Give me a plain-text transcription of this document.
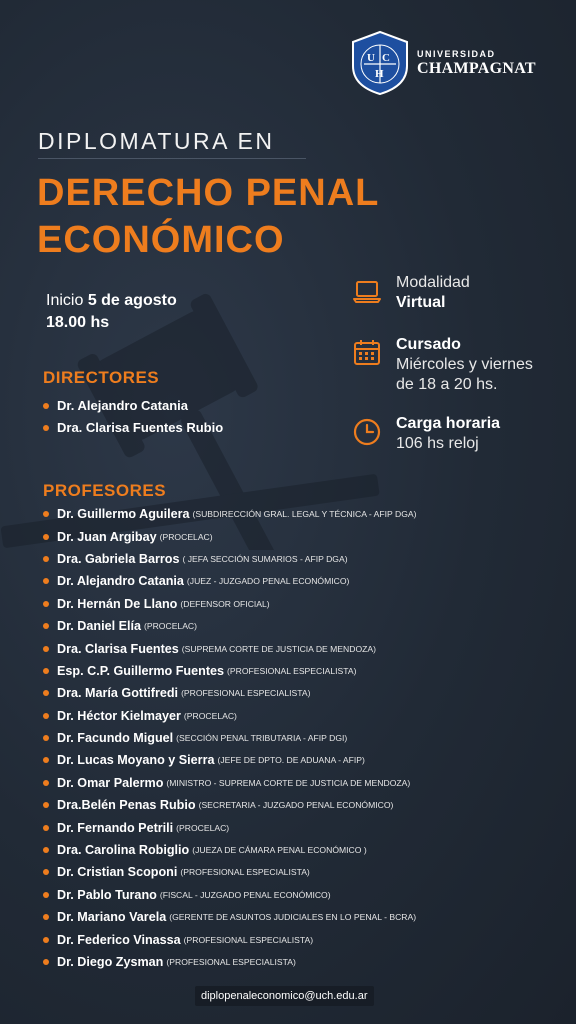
U C
H
UNIVERSIDAD
CHAMPAGNAT
DIPLOMATURA EN
DERECHO PENAL
ECONÓMICO
Inicio 5 de agosto
18.00 hs
Modalidad
Virtual
Cursado
Miércoles y viernes
de 18 a 20 hs.
Carga horaria
106 hs reloj
DIRECTORES
Dr. Alejandro Catania
Dra. Clarisa Fuentes Rubio
PROFESORES
Dr. Guillermo Aguilera (SUBDIRECCIÓN GRAL. LEGAL Y TÉCNICA - AFIP DGA)
Dr. Juan Argibay (PROCELAC)
Dra. Gabriela Barros ( JEFA SECCIÓN SUMARIOS - AFIP DGA)
Dr. Alejandro Catania (JUEZ - JUZGADO PENAL ECONÓMICO)
Dr. Hernán De Llano (DEFENSOR OFICIAL)
Dr. Daniel Elía (PROCELAC)
Dra. Clarisa Fuentes (SUPREMA CORTE DE JUSTICIA DE MENDOZA)
Esp. C.P. Guillermo Fuentes (PROFESIONAL ESPECIALISTA)
Dra. María Gottifredi (PROFESIONAL ESPECIALISTA)
Dr. Héctor Kielmayer (PROCELAC)
Dr. Facundo Miguel (SECCIÓN PENAL TRIBUTARIA - AFIP DGI)
Dr. Lucas Moyano y Sierra (JEFE DE DPTO. DE ADUANA - AFIP)
Dr. Omar Palermo (MINISTRO - SUPREMA CORTE DE JUSTICIA DE MENDOZA)
Dra.Belén Penas Rubio (SECRETARIA - JUZGADO PENAL ECONÓMICO)
Dr. Fernando Petrili (PROCELAC)
Dra. Carolina Robiglio (JUEZA DE CÁMARA PENAL ECONÓMICO )
Dr. Cristian Scoponi (PROFESIONAL ESPECIALISTA)
Dr. Pablo Turano (FISCAL - JUZGADO PENAL ECONÓMICO)
Dr. Mariano Varela (GERENTE DE ASUNTOS JUDICIALES EN LO PENAL - BCRA)
Dr. Federico Vinassa (PROFESIONAL ESPECIALISTA)
Dr. Diego Zysman (PROFESIONAL ESPECIALISTA)
diplopenaleconomico@uch.edu.ar
